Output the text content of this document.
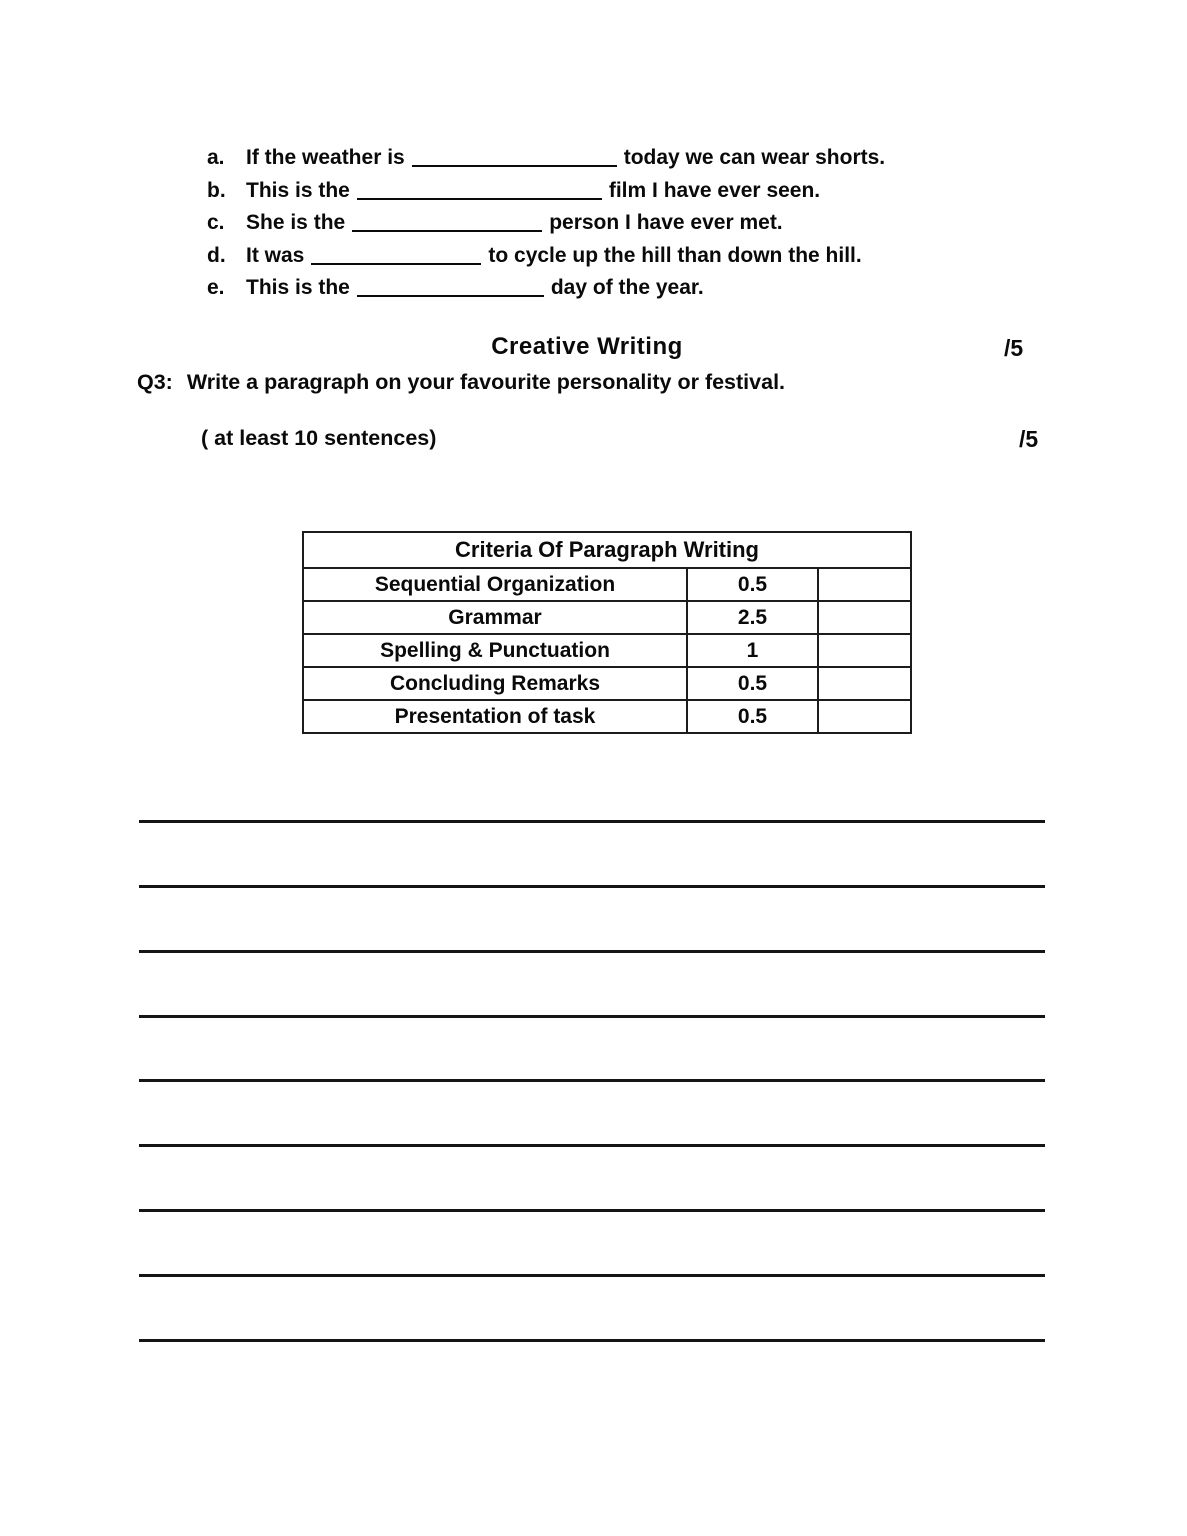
a.	If the weather is	today we can wear shorts.
b. This is the	film I have ever seen.
c.	She is the	person I have ever met.
d. It was	to cycle up the hill than down the hill.
e.	This is the	day of the year.
Creative Writing	/5
Q3: Write a paragraph on your favourite personality or festival.
( at least 10 sentences)	/5
Criteria Of Paragraph Writing		
Sequential Organization	0.5	
Grammar	2.5	
Spelling & Punctuation	1	
Concluding Remarks	0.5	
Presentation of task	0.5	
